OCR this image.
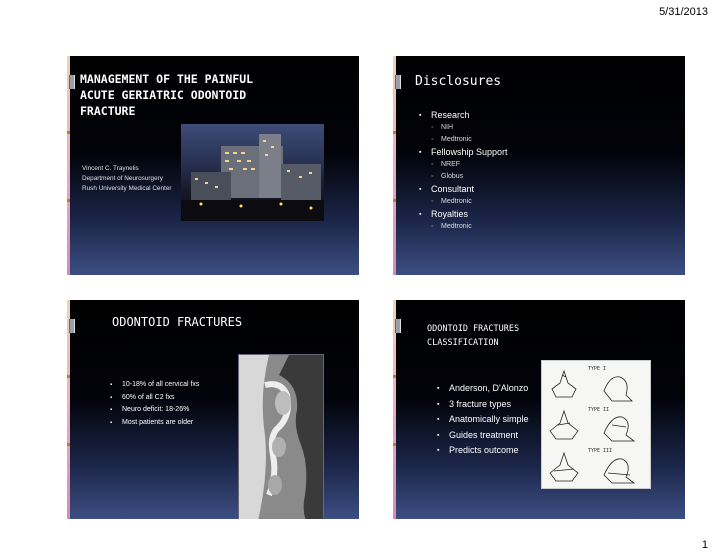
5/31/2013
MANAGEMENT OF THE PAINFUL
ACUTE GERIATRIC ODONTOID
FRACTURE
Vincent C. Traynelis
Department of Neurosurgery
Rush University Medical Center
Disclosures
▪ Research
◦ NIH
◦ Medtronic
▪ Fellowship Support
◦ NREF
◦ Globus
▪ Consultant
◦ Medtronic
▪ Royalties
◦ Medtronic
ODONTOID FRACTURES
▪ 10-18% of all cervical fxs
▪ 60% of all C2 fxs
▪ Neuro deficit: 18-26%
▪ Most patients are older
ODONTOID FRACTURES
CLASSIFICATION
▪ Anderson, D'Alonzo
▪ 3 fracture types
▪ Anatomically simple
▪ Guides treatment
▪ Predicts outcome
TYPE I
TYPE II
TYPE III
1
